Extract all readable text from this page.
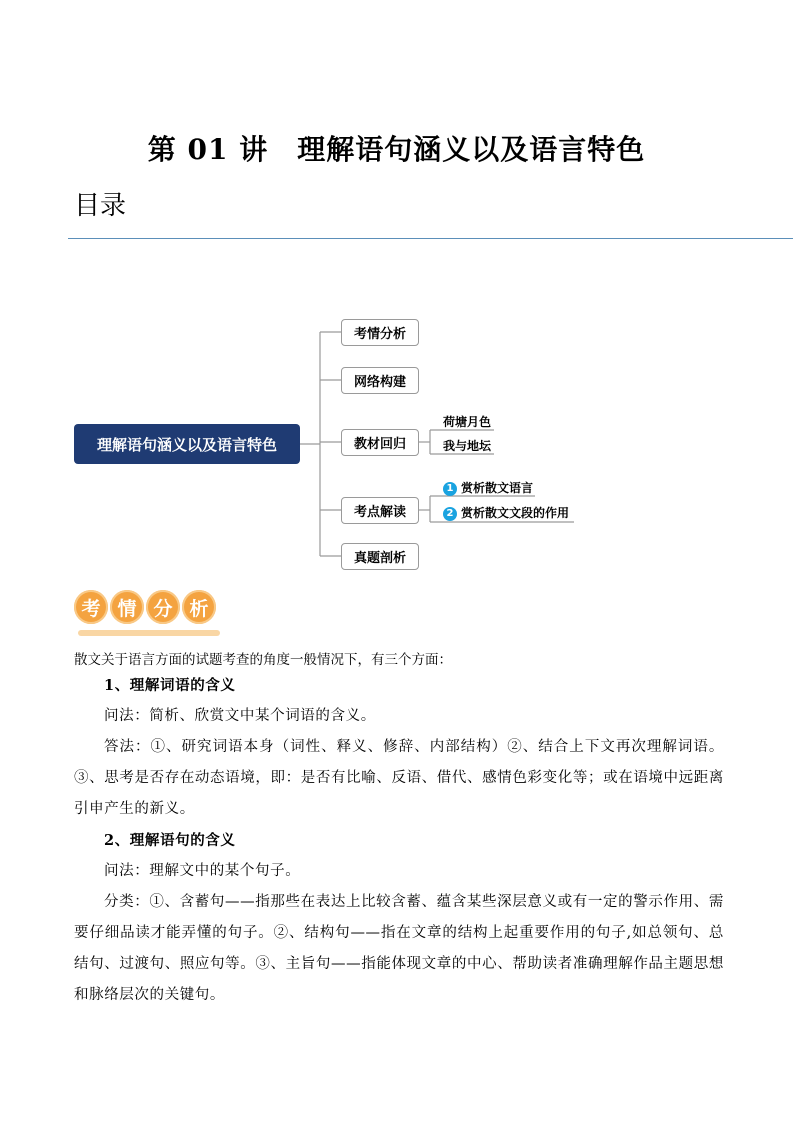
第 01 讲　理解语句涵义以及语言特色
目录
理解语句涵义以及语言特色
考情分析
网络构建
教材回归
考点解读
真题剖析
荷塘月色
我与地坛
1 赏析散文语言
2 赏析散文文段的作用
考 情 分 析
散文关于语言方面的试题考查的角度一般情况下，有三个方面：
1、理解词语的含义
问法：简析、欣赏文中某个词语的含义。
答法：①、研究词语本身（词性、释义、修辞、内部结构）②、结合上下文再次理解词语。③、思考是否存在动态语境，即：是否有比喻、反语、借代、感情色彩变化等；或在语境中远距离引申产生的新义。
2、理解语句的含义
问法：理解文中的某个句子。
分类：①、含蓄句——指那些在表达上比较含蓄、蕴含某些深层意义或有一定的警示作用、需要仔细品读才能弄懂的句子。②、结构句——指在文章的结构上起重要作用的句子,如总领句、总结句、过渡句、照应句等。③、主旨句——指能体现文章的中心、帮助读者准确理解作品主题思想和脉络层次的关键句。
